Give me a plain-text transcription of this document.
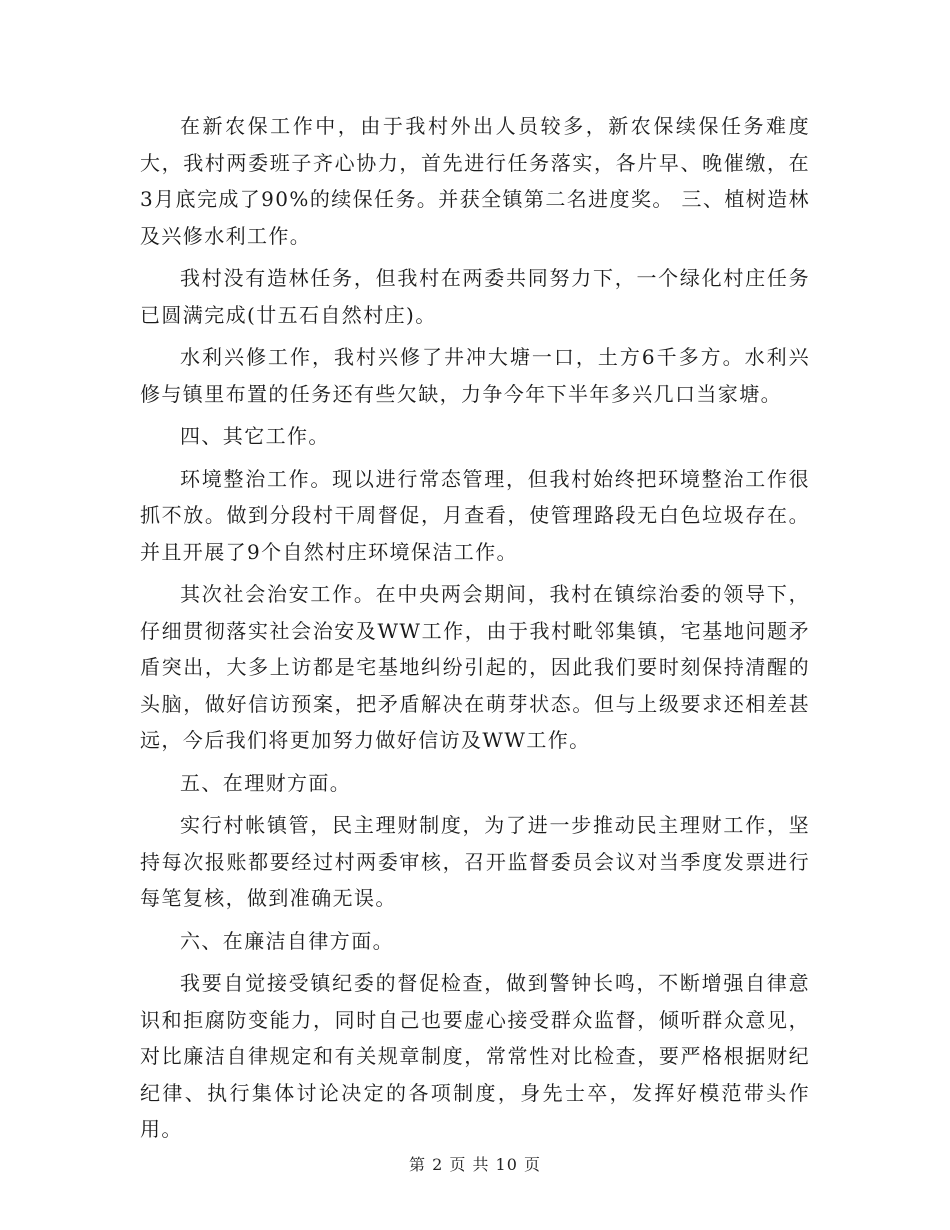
在新农保工作中，由于我村外出人员较多，新农保续保任务难度大，我村两委班子齐心协力，首先进行任务落实，各片早、晚催缴，在3月底完成了90%的续保任务。并获全镇第二名进度奖。 三、植树造林及兴修水利工作。

我村没有造林任务，但我村在两委共同努力下，一个绿化村庄任务已圆满完成(廿五石自然村庄)。

水利兴修工作，我村兴修了井冲大塘一口，土方6千多方。水利兴修与镇里布置的任务还有些欠缺，力争今年下半年多兴几口当家塘。

四、其它工作。

环境整治工作。现以进行常态管理，但我村始终把环境整治工作很抓不放。做到分段村干周督促，月查看，使管理路段无白色垃圾存在。并且开展了9个自然村庄环境保洁工作。

其次社会治安工作。在中央两会期间，我村在镇综治委的领导下，仔细贯彻落实社会治安及WW工作，由于我村毗邻集镇，宅基地问题矛盾突出，大多上访都是宅基地纠纷引起的，因此我们要时刻保持清醒的头脑，做好信访预案，把矛盾解决在萌芽状态。但与上级要求还相差甚远，今后我们将更加努力做好信访及WW工作。

五、在理财方面。

实行村帐镇管，民主理财制度，为了进一步推动民主理财工作，坚持每次报账都要经过村两委审核，召开监督委员会议对当季度发票进行每笔复核，做到准确无误。

六、在廉洁自律方面。

我要自觉接受镇纪委的督促检查，做到警钟长鸣，不断增强自律意识和拒腐防变能力，同时自己也要虚心接受群众监督，倾听群众意见，对比廉洁自律规定和有关规章制度，常常性对比检查，要严格根据财纪纪律、执行集体讨论决定的各项制度，身先士卒，发挥好模范带头作用。

第 2 页 共 10 页
